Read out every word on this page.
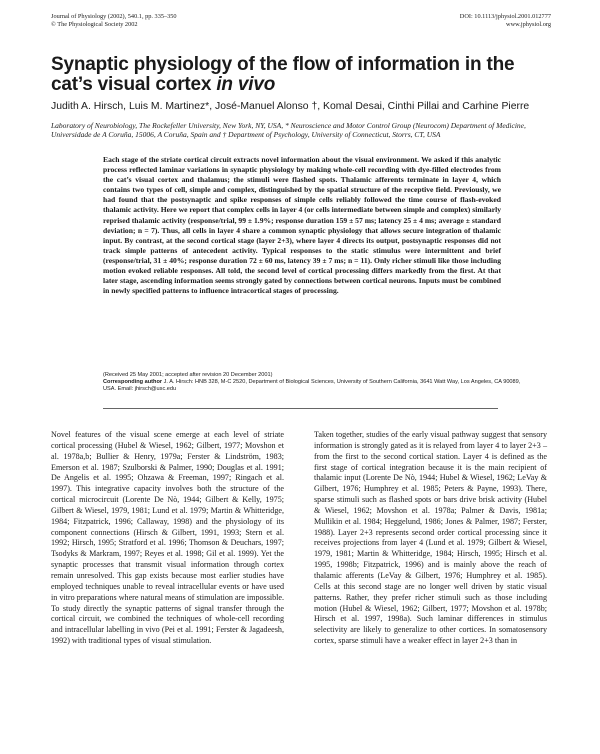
Journal of Physiology (2002), 540.1, pp. 335–350
© The Physiological Society 2002
DOI: 10.1113/jphysiol.2001.012777
www.jphysiol.org
Synaptic physiology of the flow of information in the cat’s visual cortex in vivo
Judith A. Hirsch, Luis M. Martinez*, José-Manuel Alonso †, Komal Desai, Cinthi Pillai and Carhine Pierre
Laboratory of Neurobiology, The Rockefeller University, New York, NY, USA, * Neuroscience and Motor Control Group (Neurocom) Department of Medicine, Universidade de A Coruña, 15006, A Coruña, Spain and † Department of Psychology, University of Connecticut, Storrs, CT, USA
Each stage of the striate cortical circuit extracts novel information about the visual environment. We asked if this analytic process reflected laminar variations in synaptic physiology by making whole-cell recording with dye-filled electrodes from the cat’s visual cortex and thalamus; the stimuli were flashed spots. Thalamic afferents terminate in layer 4, which contains two types of cell, simple and complex, distinguished by the spatial structure of the receptive field. Previously, we had found that the postsynaptic and spike responses of simple cells reliably followed the time course of flash-evoked thalamic activity. Here we report that complex cells in layer 4 (or cells intermediate between simple and complex) similarly reprised thalamic activity (response/trial, 99 ± 1.9%; response duration 159 ± 57 ms; latency 25 ± 4 ms; average ± standard deviation; n = 7). Thus, all cells in layer 4 share a common synaptic physiology that allows secure integration of thalamic input. By contrast, at the second cortical stage (layer 2+3), where layer 4 directs its output, postsynaptic responses did not track simple patterns of antecedent activity. Typical responses to the static stimulus were intermittent and brief (response/trial, 31 ± 40%; response duration 72 ± 60 ms, latency 39 ± 7 ms; n = 11). Only richer stimuli like those including motion evoked reliable responses. All told, the second level of cortical processing differs markedly from the first. At that later stage, ascending information seems strongly gated by connections between cortical neurons. Inputs must be combined in newly specified patterns to influence intracortical stages of processing.
(Received 25 May 2001; accepted after revision 20 December 2001)
Corresponding author J. A. Hirsch: HNB 328, M-C 2520, Department of Biological Sciences, University of Southern California, 3641 Watt Way, Los Angeles, CA 90089, USA. Email: jhirsch@usc.edu
Novel features of the visual scene emerge at each level of striate cortical processing (Hubel & Wiesel, 1962; Gilbert, 1977; Movshon et al. 1978a,b; Bullier & Henry, 1979a; Ferster & Lindström, 1983; Emerson et al. 1987; Szulborski & Palmer, 1990; Douglas et al. 1991; De Angelis et al. 1995; Ohzawa & Freeman, 1997; Ringach et al. 1997). This integrative capacity involves both the structure of the cortical microcircuit (Lorente De Nò, 1944; Gilbert & Kelly, 1975; Gilbert & Wiesel, 1979, 1981; Lund et al. 1979; Martin & Whitteridge, 1984; Fitzpatrick, 1996; Callaway, 1998) and the physiology of its component connections (Hirsch & Gilbert, 1991, 1993; Stern et al. 1992; Hirsch, 1995; Stratford et al. 1996; Thomson & Deuchars, 1997; Tsodyks & Markram, 1997; Reyes et al. 1998; Gil et al. 1999). Yet the synaptic processes that transmit visual information through cortex remain unresolved. This gap exists because most earlier studies have employed techniques unable to reveal intracellular events or have used in vitro preparations where natural means of stimulation are impossible. To study directly the synaptic patterns of signal transfer through the cortical circuit, we combined the techniques of whole-cell recording and intracellular labelling in vivo (Pei et al. 1991; Ferster & Jagadeesh, 1992) with traditional types of visual stimulation.
Taken together, studies of the early visual pathway suggest that sensory information is strongly gated as it is relayed from layer 4 to layer 2+3 – from the first to the second cortical station. Layer 4 is defined as the first stage of cortical integration because it is the main recipient of thalamic input (Lorente De Nò, 1944; Hubel & Wiesel, 1962; LeVay & Gilbert, 1976; Humphrey et al. 1985; Peters & Payne, 1993). There, sparse stimuli such as flashed spots or bars drive brisk activity (Hubel & Wiesel, 1962; Movshon et al. 1978a; Palmer & Davis, 1981a; Mullikin et al. 1984; Heggelund, 1986; Jones & Palmer, 1987; Ferster, 1988). Layer 2+3 represents second order cortical processing since it receives projections from layer 4 (Lund et al. 1979; Gilbert & Wiesel, 1979, 1981; Martin & Whitteridge, 1984; Hirsch, 1995; Hirsch et al. 1995, 1998b; Fitzpatrick, 1996) and is mainly above the reach of thalamic afferents (LeVay & Gilbert, 1976; Humphrey et al. 1985). Cells at this second stage are no longer well driven by static visual patterns. Rather, they prefer richer stimuli such as those including motion (Hubel & Wiesel, 1962; Gilbert, 1977; Movshon et al. 1978b; Hirsch et al. 1997, 1998a). Such laminar differences in stimulus selectivity are likely to generalize to other cortices. In somatosensory cortex, sparse stimuli have a weaker effect in layer 2+3 than in
